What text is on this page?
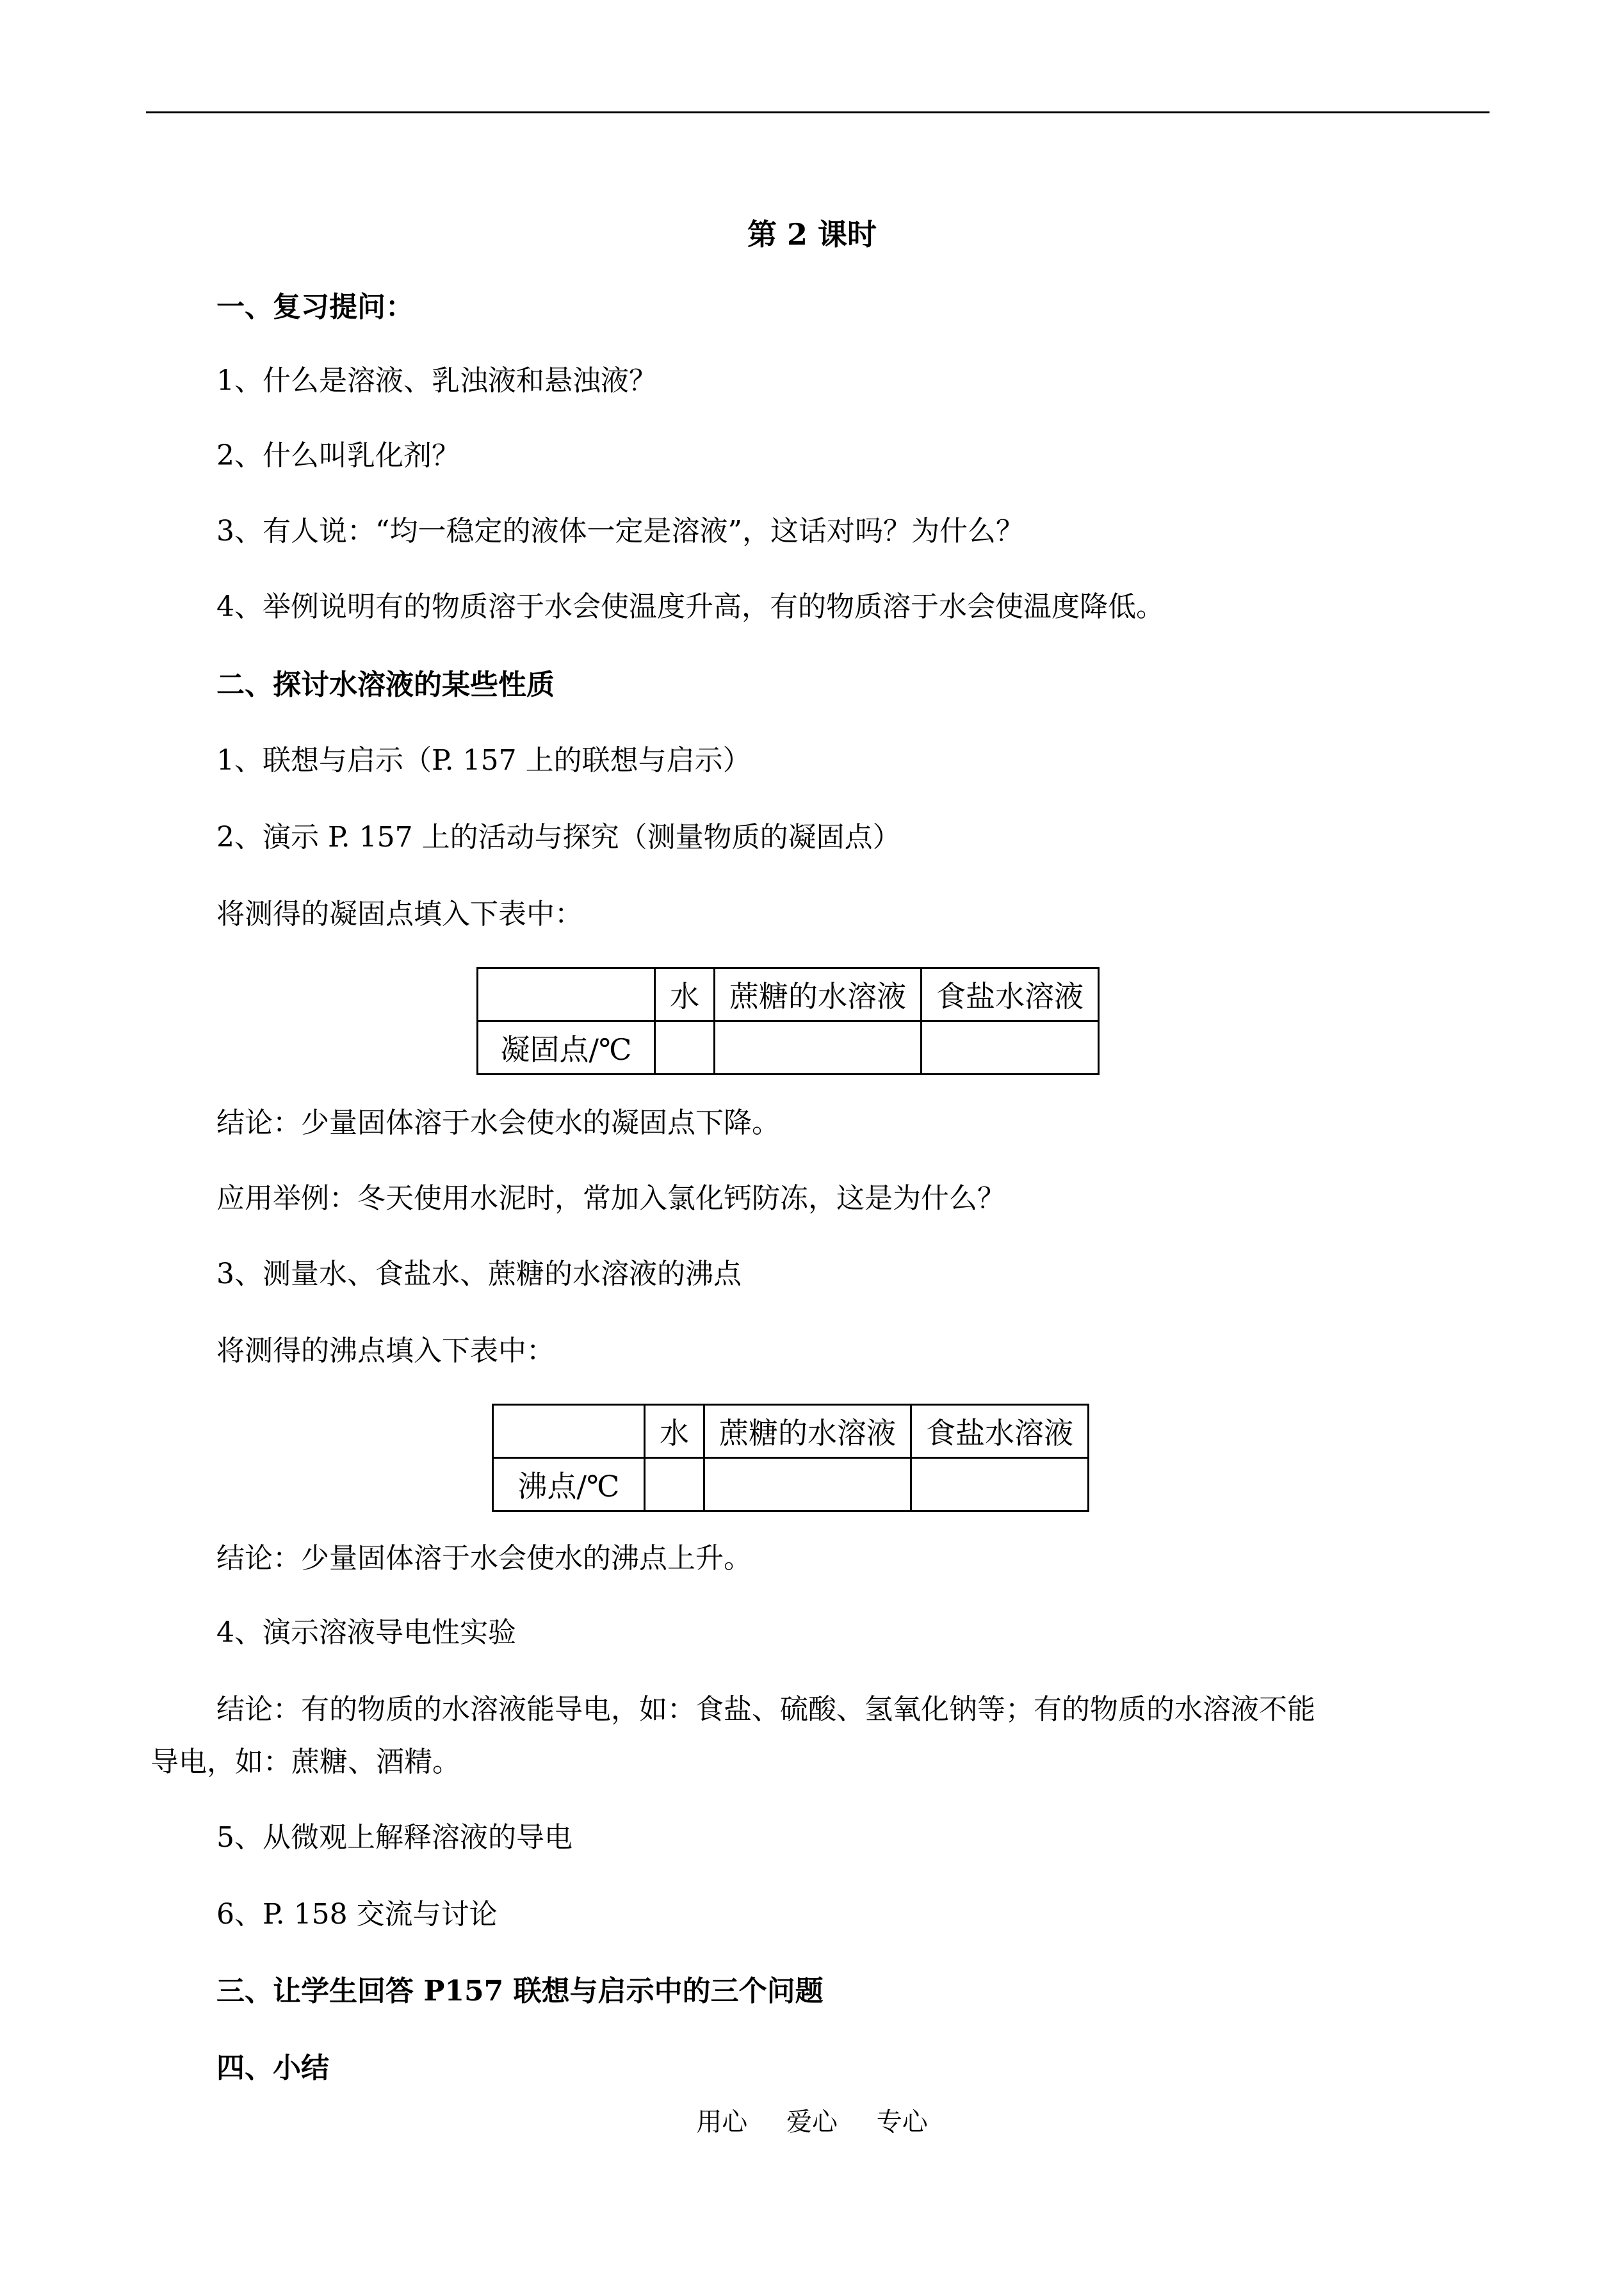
第 2 课时
一、复习提问：
1、什么是溶液、乳浊液和悬浊液？
2、什么叫乳化剂？
3、有人说：“均一稳定的液体一定是溶液”，这话对吗？为什么？
4、举例说明有的物质溶于水会使温度升高，有的物质溶于水会使温度降低。
二、探讨水溶液的某些性质
1、联想与启示（P. 157 上的联想与启示）
2、演示 P. 157 上的活动与探究（测量物质的凝固点）
将测得的凝固点填入下表中：
	水	蔗糖的水溶液	食盐水溶液
凝固点/℃			
结论：少量固体溶于水会使水的凝固点下降。
应用举例：冬天使用水泥时，常加入氯化钙防冻，这是为什么？
3、测量水、食盐水、蔗糖的水溶液的沸点
将测得的沸点填入下表中：
	水	蔗糖的水溶液	食盐水溶液
沸点/℃			
结论：少量固体溶于水会使水的沸点上升。
4、演示溶液导电性实验
结论：有的物质的水溶液能导电，如：食盐、硫酸、氢氧化钠等；有的物质的水溶液不能
导电，如：蔗糖、酒精。
5、从微观上解释溶液的导电
6、P. 158 交流与讨论
三、让学生回答 P157 联想与启示中的三个问题
四、小结
用心 爱心 专心
